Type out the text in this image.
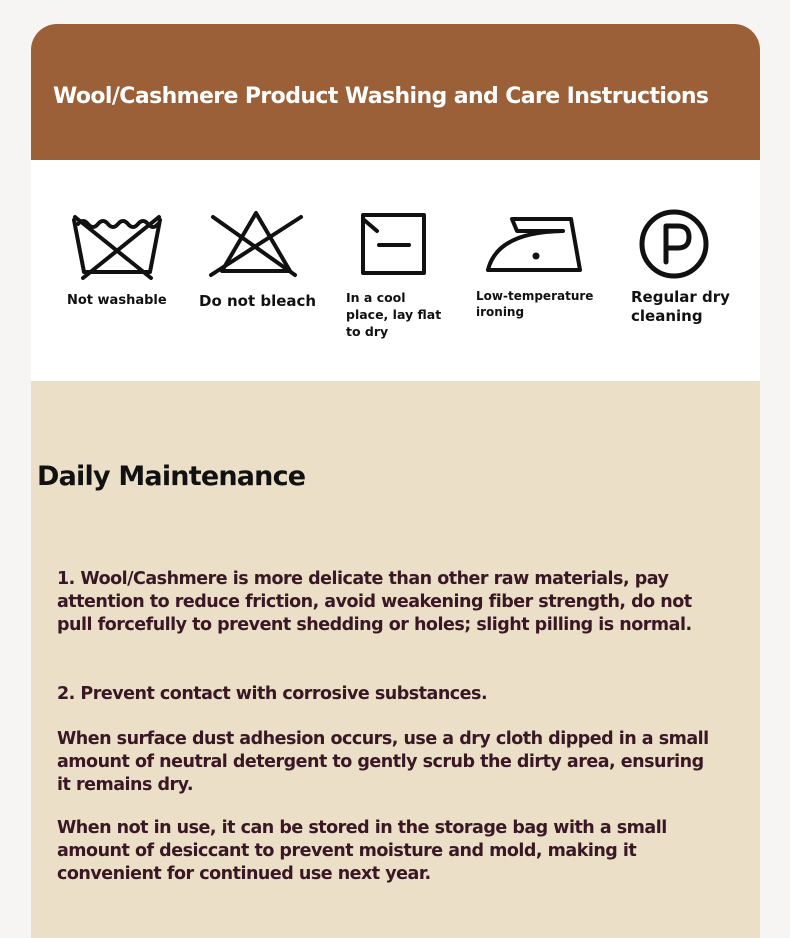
Wool/Cashmere Product Washing and Care Instructions
Not washable Do not bleach In a cool
place, lay flat
to dry
Low-temperature
ironing
Regular dry
cleaning
Daily Maintenance

1. Wool/Cashmere is more delicate than other raw materials, pay
attention to reduce friction, avoid weakening fiber strength, do not
pull forcefully to prevent shedding or holes; slight pilling is normal.

2. Prevent contact with corrosive substances.

When surface dust adhesion occurs, use a dry cloth dipped in a small
amount of neutral detergent to gently scrub the dirty area, ensuring
it remains dry.

When not in use, it can be stored in the storage bag with a small
amount of desiccant to prevent moisture and mold, making it
convenient for continued use next year.
